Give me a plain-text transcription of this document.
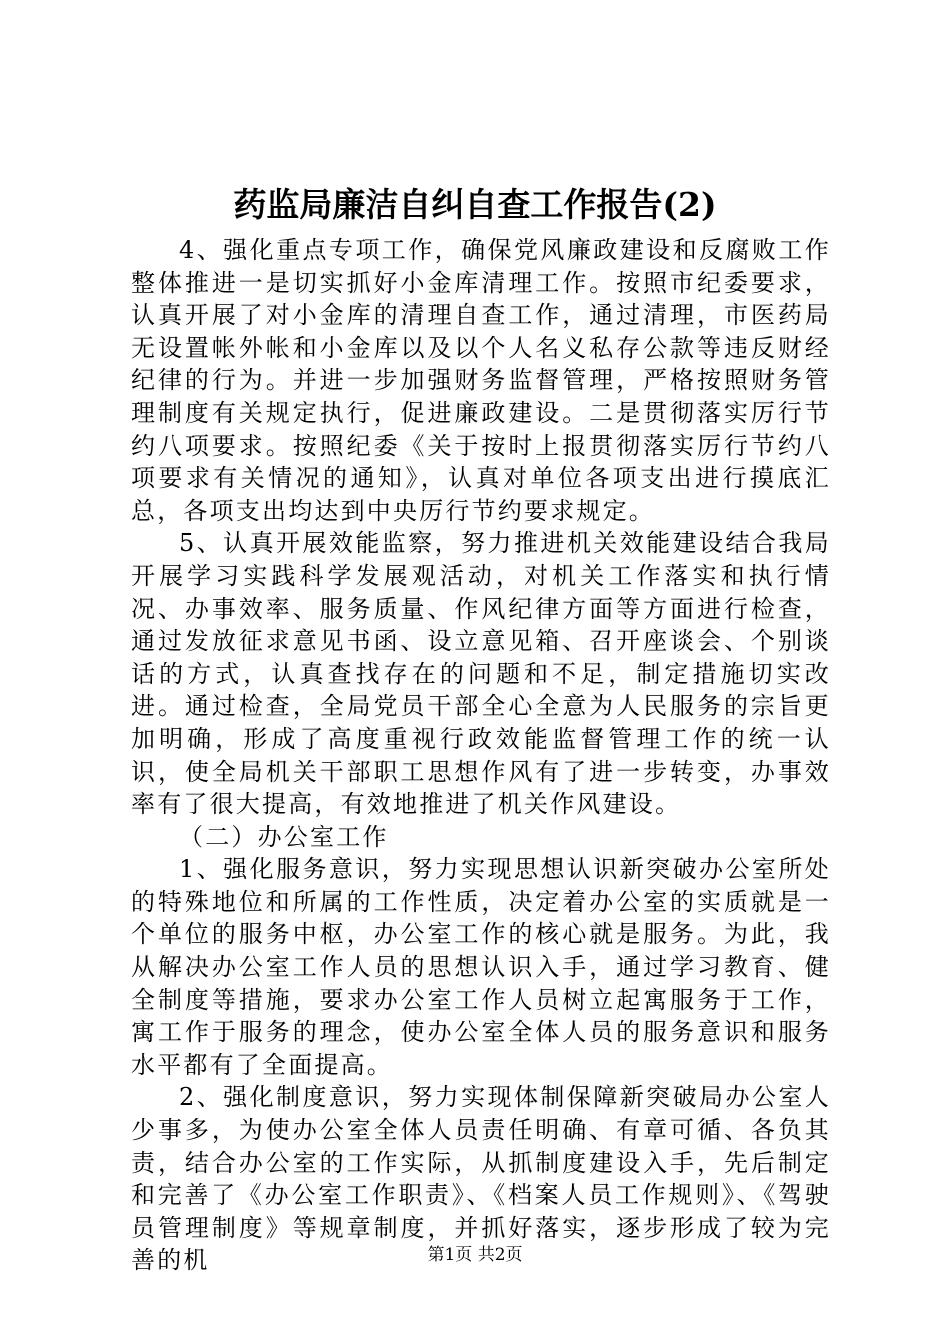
药监局廉洁自纠自查工作报告(2)

4、强化重点专项工作，确保党风廉政建设和反腐败工作整体推进一是切实抓好小金库清理工作。按照市纪委要求，认真开展了对小金库的清理自查工作，通过清理，市医药局无设置帐外帐和小金库以及以个人名义私存公款等违反财经纪律的行为。并进一步加强财务监督管理，严格按照财务管理制度有关规定执行，促进廉政建设。二是贯彻落实厉行节约八项要求。按照纪委《关于按时上报贯彻落实厉行节约八项要求有关情况的通知》，认真对单位各项支出进行摸底汇总，各项支出均达到中央厉行节约要求规定。

5、认真开展效能监察，努力推进机关效能建设结合我局开展学习实践科学发展观活动，对机关工作落实和执行情况、办事效率、服务质量、作风纪律方面等方面进行检查，通过发放征求意见书函、设立意见箱、召开座谈会、个别谈话的方式，认真查找存在的问题和不足，制定措施切实改进。通过检查，全局党员干部全心全意为人民服务的宗旨更加明确，形成了高度重视行政效能监督管理工作的统一认识，使全局机关干部职工思想作风有了进一步转变，办事效率有了很大提高，有效地推进了机关作风建设。

（二）办公室工作

1、强化服务意识，努力实现思想认识新突破办公室所处的特殊地位和所属的工作性质，决定着办公室的实质就是一个单位的服务中枢，办公室工作的核心就是服务。为此，我从解决办公室工作人员的思想认识入手，通过学习教育、健全制度等措施，要求办公室工作人员树立起寓服务于工作，寓工作于服务的理念，使办公室全体人员的服务意识和服务水平都有了全面提高。

2、强化制度意识，努力实现体制保障新突破局办公室人少事多，为使办公室全体人员责任明确、有章可循、各负其责，结合办公室的工作实际，从抓制度建设入手，先后制定和完善了《办公室工作职责》、《档案人员工作规则》、《驾驶员管理制度》等规章制度，并抓好落实，逐步形成了较为完善的机	第1页 共2页
